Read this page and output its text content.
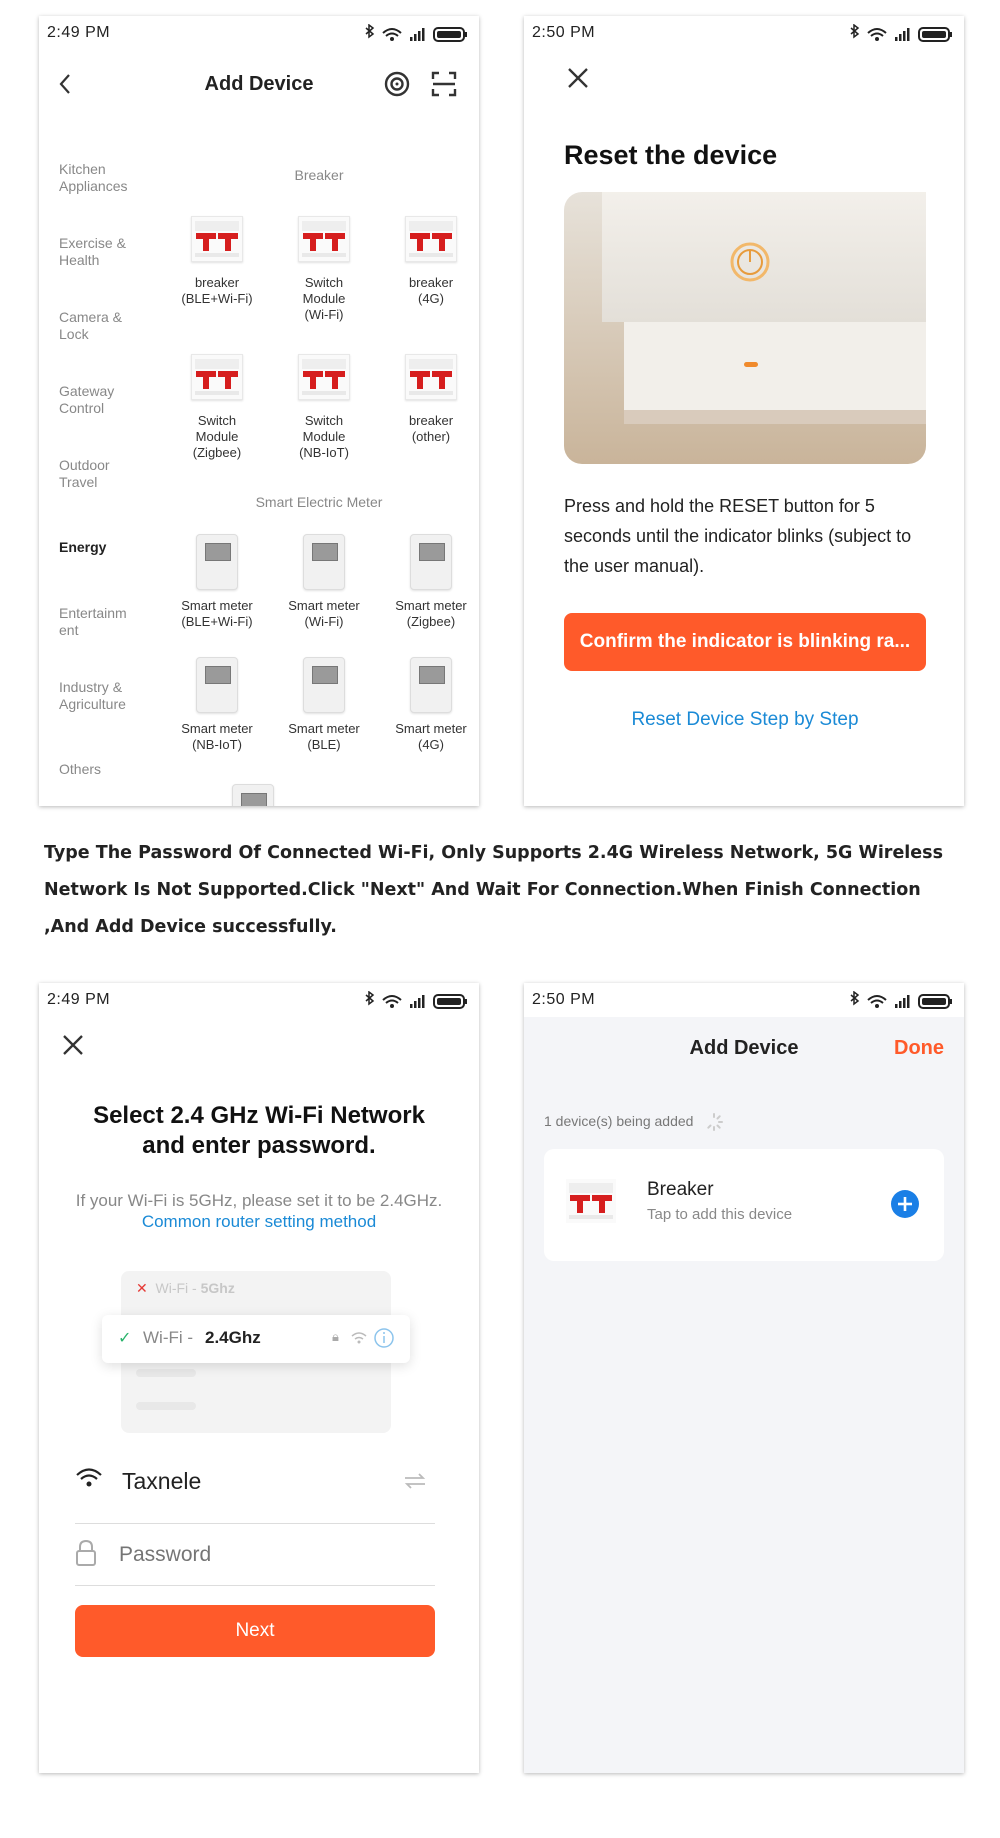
2:49 PM
Add Device
Kitchen
Appliances
Exercise &
Health
Camera &
Lock
Gateway
Control
Outdoor
Travel
Energy
Entertainm
ent
Industry &
Agriculture
Others
Breaker
breaker
(BLE+Wi-Fi)
Switch
Module
(Wi-Fi)
breaker
(4G)
Switch
Module
(Zigbee)
Switch
Module
(NB-IoT)
breaker
(other)
Smart Electric Meter
Smart meter
(BLE+Wi-Fi)
Smart meter
(Wi-Fi)
Smart meter
(Zigbee)
Smart meter
(NB-IoT)
Smart meter
(BLE)
Smart meter
(4G)
2:50 PM
Reset the device
Press and hold the RESET button for 5 seconds until the indicator blinks (subject to the user manual).
Confirm the indicator is blinking ra...
Reset Device Step by Step
Type The Password Of Connected Wi-Fi, Only Supports 2.4G Wireless Network, 5G Wireless Network Is Not Supported.Click "Next" And Wait For Connection.When Finish Connection ,And Add Device successfully.
2:49 PM
Select 2.4 GHz Wi-Fi Network
and enter password.
If your Wi-Fi is 5GHz, please set it to be 2.4GHz.
Common router setting method
✕ Wi-Fi - 5Ghz
✓ Wi-Fi - 2.4Ghz	🔒︎
Taxnele
Password
Next
2:50 PM
Add Device	Done
1 device(s) being added
Breaker
Tap to add this device
